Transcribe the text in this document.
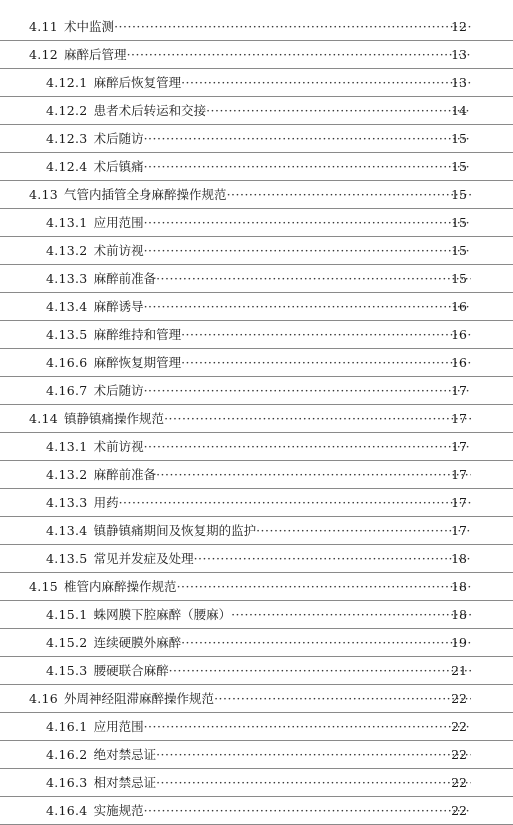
4.11 术中监测 ·····	12
4.12 麻醉后管理 ·····	13
4.12.1 麻醉后恢复管理 ·····	13
4.12.2 患者术后转运和交接 ·····	14
4.12.3 术后随访 ·····	15
4.12.4 术后镇痛 ·····	15
4.13 气管内插管全身麻醉操作规范 ·····	15
4.13.1 应用范围 ·····	15
4.13.2 术前访视 ·····	15
4.13.3 麻醉前准备 ·····	15
4.13.4 麻醉诱导 ·····	16
4.13.5 麻醉维持和管理 ·····	16
4.16.6 麻醉恢复期管理 ·····	16
4.16.7 术后随访 ·····	17
4.14 镇静镇痛操作规范 ·····	17
4.13.1 术前访视 ·····	17
4.13.2 麻醉前准备 ·····	17
4.13.3 用药 ·····	17
4.13.4 镇静镇痛期间及恢复期的监护 ·····	17
4.13.5 常见并发症及处理 ·····	18
4.15 椎管内麻醉操作规范 ·····	18
4.15.1 蛛网膜下腔麻醉（腰麻） ·····	18
4.15.2 连续硬膜外麻醉 ·····	19
4.15.3 腰硬联合麻醉 ·····	21
4.16 外周神经阻滞麻醉操作规范 ·····	22
4.16.1 应用范围 ·····	22
4.16.2 绝对禁忌证 ·····	22
4.16.3 相对禁忌证 ·····	22
4.16.4 实施规范 ·····	22
